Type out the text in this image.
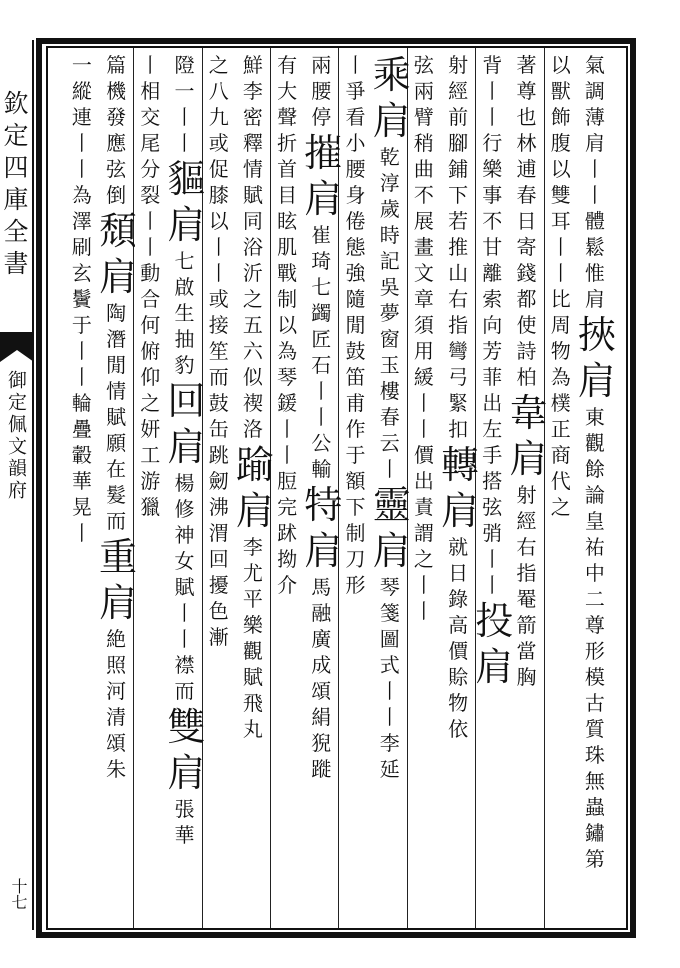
欽定四庫全書
御定佩文韻府
十七
氣
調
薄
肩
丨
丨
體
鬆
惟
肩
挾
肩
東
觀
餘
論
皇
祐
中
二
尊
形
模
古
質
珠
無
蟲
鏽
第
以
獸
飾
腹
以
雙
耳
丨
丨
比
周
物
為
樸
正
商
代
之
著
尊
也
林
逋
春
日
寄
錢
都
使
詩
柏
韋
肩
射
經
右
指
罨
箭
當
胸
背
丨
丨
行
樂
事
不
甘
離
索
向
芳
菲
出
左
手
搭
弦
弰
丨
丨
投
肩
射
經
前
腳
鋪
下
若
推
山
右
指
彎
弓
緊
扣
轉
肩
就
日
錄
高
價
賒
物
依
弦
兩
臂
稍
曲
不
展
畫
文
章
須
用
緩
丨
丨
價
出
責
謂
之
丨
丨
乘
肩
乾
淳
歲
時
記
吳
夢
窗
玉
樓
春
云
丨
靈
肩
琴
箋
圖
式
丨
丨
李
延
丨
爭
看
小
腰
身
倦
態
強
隨
閒
鼓
笛
甫
作
于
額
下
制
刀
形
兩
腰
停
摧
肩
崔
琦
七
蠲
匠
石
丨
丨
公
輸
特
肩
馬
融
廣
成
頌
絹
猊
蹝
有
大
聲
折
首
目
眩
肌
戰
制
以
為
琴
鍰
丨
丨
脰
完
䟣
拗
介
鮮
李
密
釋
情
賦
同
浴
沂
之
五
六
似
禊
洛
踰
肩
李
尤
平
樂
觀
賦
飛
丸
之
八
九
或
促
膝
以
丨
丨
或
接
笙
而
鼓
缶
跳
劒
沸
渭
回
擾
色
漸
隥
一
丨
丨
貙
肩
七
啟
生
抽
豹
回
肩
楊
修
神
女
賦
丨
丨
襟
而
雙
肩
張
華
丨
相
交
尾
分
裂
丨
丨
動
合
何
俯
仰
之
妍
工
游
獵
篇
機
發
應
弦
倒
頹
肩
陶
潛
閒
情
賦
願
在
髮
而
重
肩
絶
照
河
清
頌
朱
一
縱
連
丨
丨
為
澤
刷
玄
鬢
于
丨
丨
輪
疊
轂
華
晃
丨
